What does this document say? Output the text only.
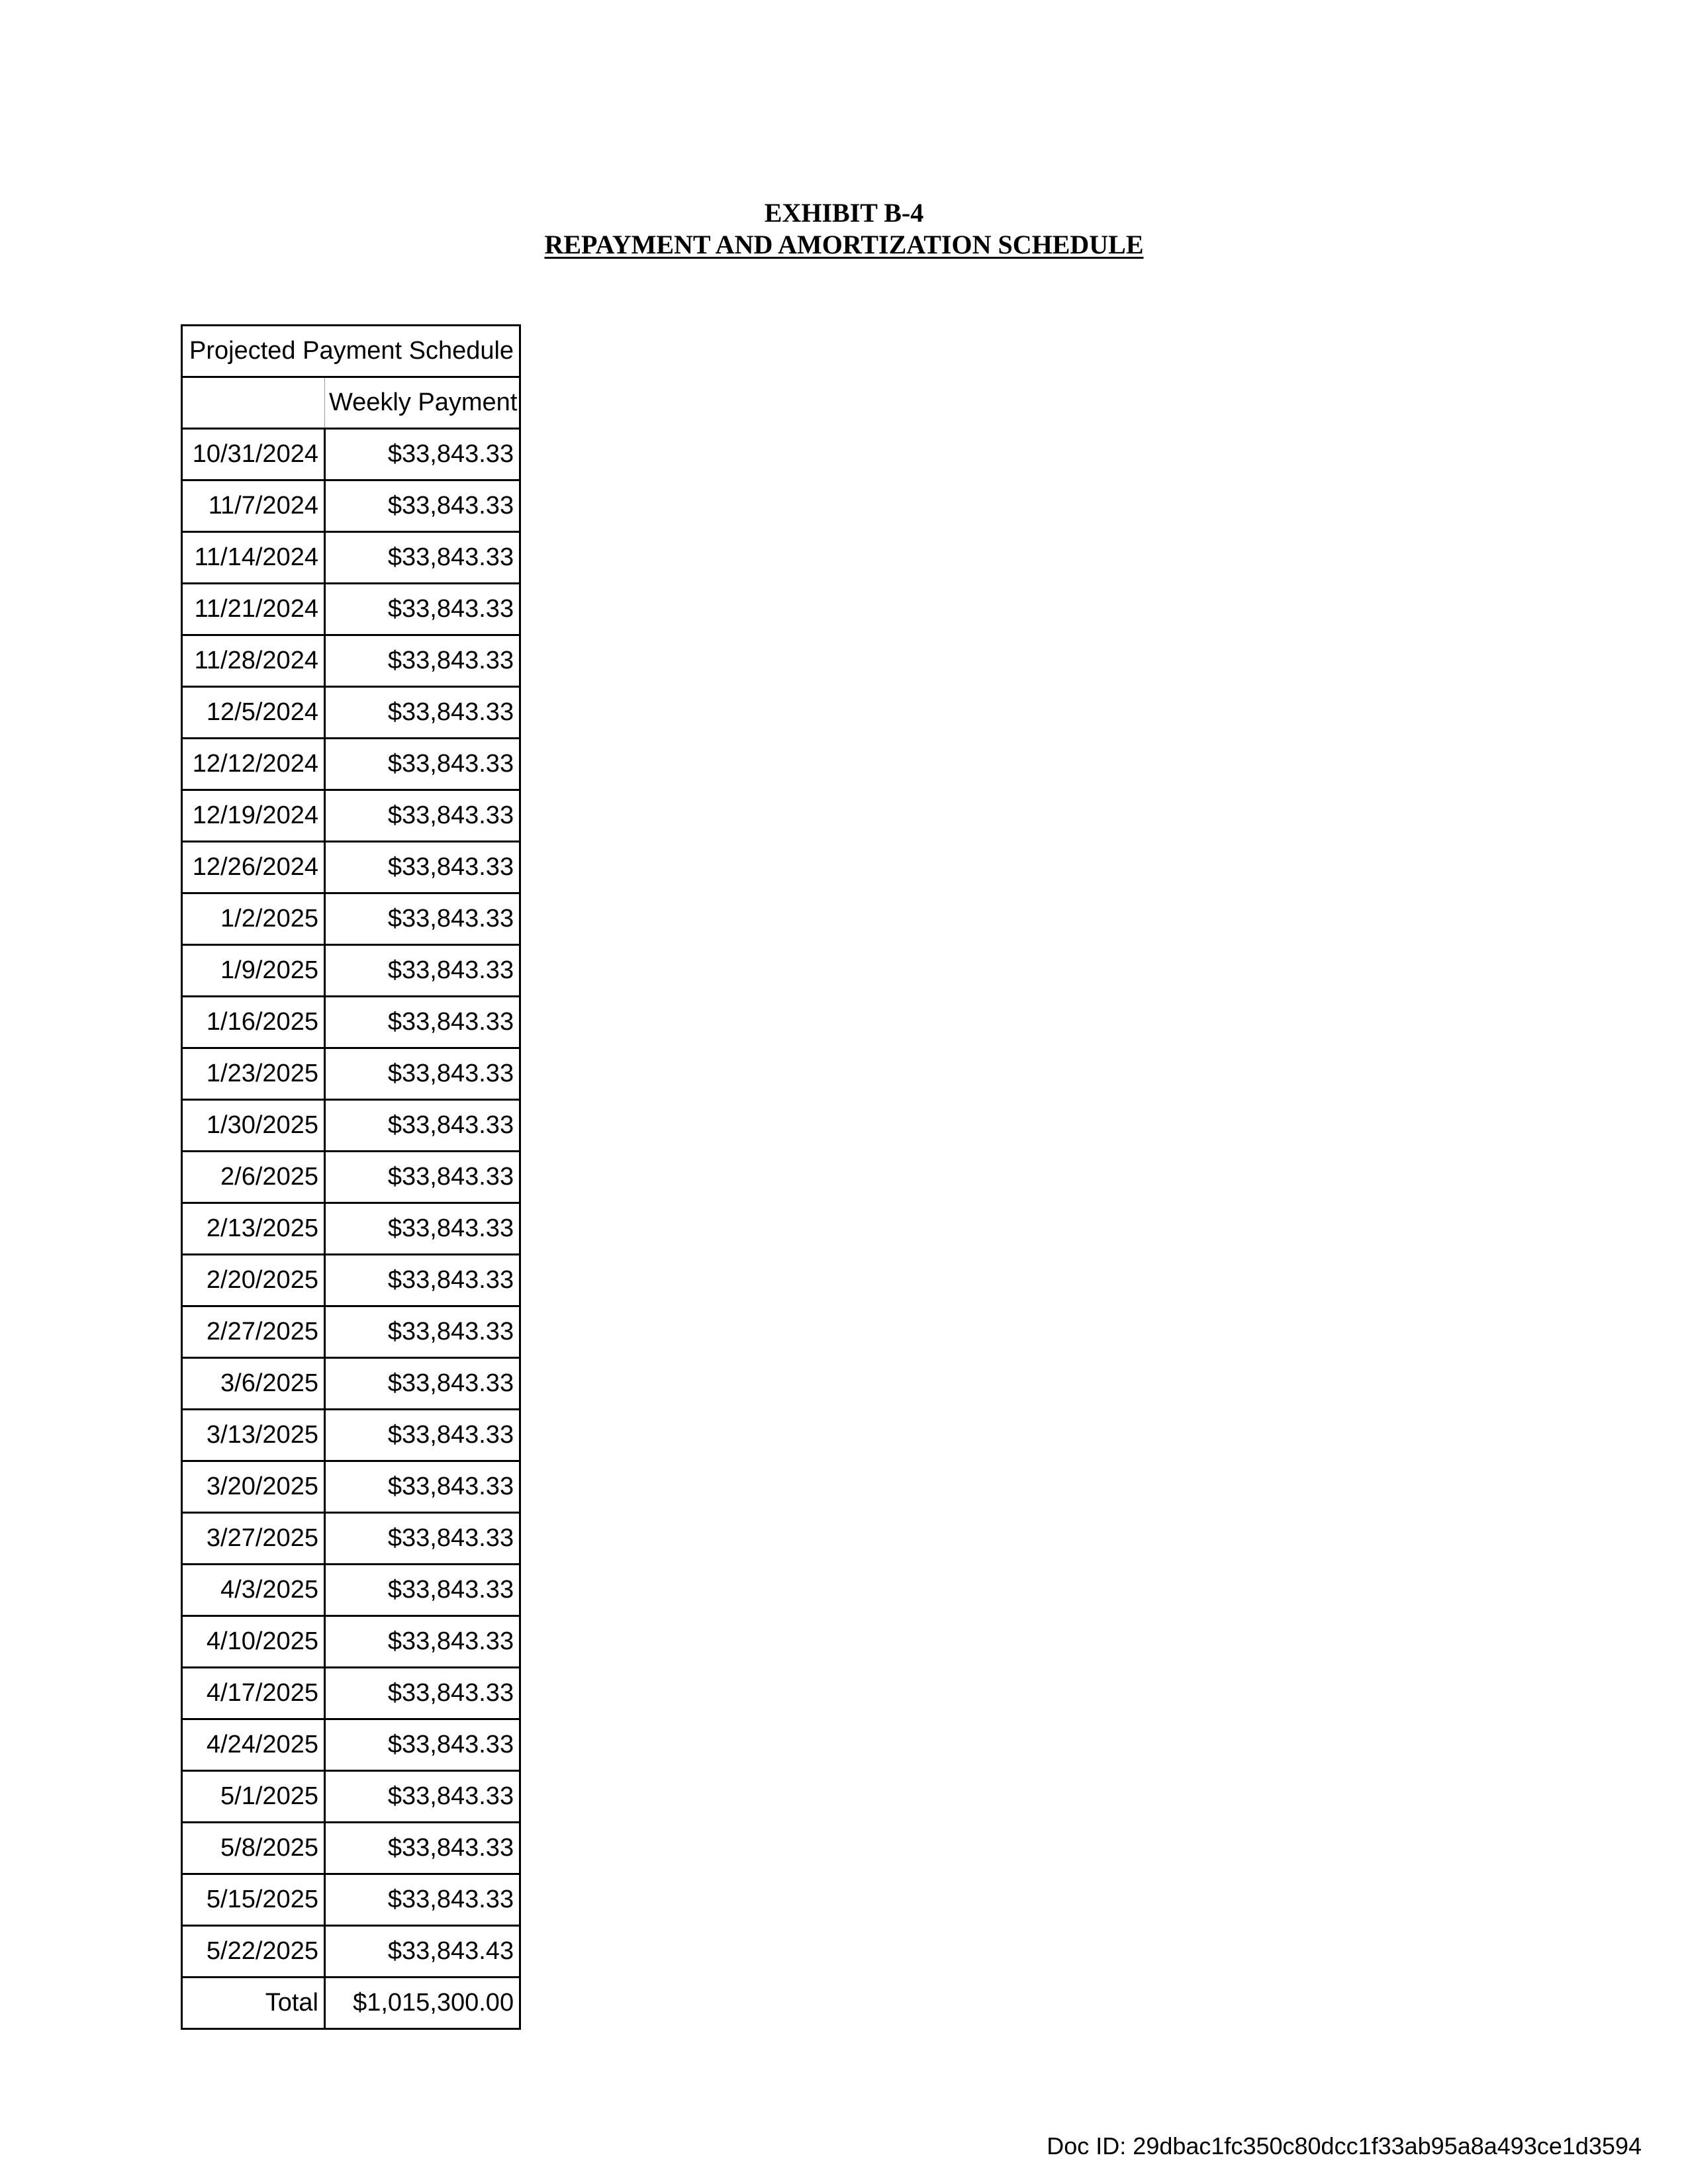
EXHIBIT B-4
REPAYMENT AND AMORTIZATION SCHEDULE
Projected Payment Schedule	
	Weekly Payment
10/31/2024	$33,843.33
11/7/2024	$33,843.33
11/14/2024	$33,843.33
11/21/2024	$33,843.33
11/28/2024	$33,843.33
12/5/2024	$33,843.33
12/12/2024	$33,843.33
12/19/2024	$33,843.33
12/26/2024	$33,843.33
1/2/2025	$33,843.33
1/9/2025	$33,843.33
1/16/2025	$33,843.33
1/23/2025	$33,843.33
1/30/2025	$33,843.33
2/6/2025	$33,843.33
2/13/2025	$33,843.33
2/20/2025	$33,843.33
2/27/2025	$33,843.33
3/6/2025	$33,843.33
3/13/2025	$33,843.33
3/20/2025	$33,843.33
3/27/2025	$33,843.33
4/3/2025	$33,843.33
4/10/2025	$33,843.33
4/17/2025	$33,843.33
4/24/2025	$33,843.33
5/1/2025	$33,843.33
5/8/2025	$33,843.33
5/15/2025	$33,843.33
5/22/2025	$33,843.43
Total	$1,015,300.00
Doc ID: 29dbac1fc350c80dcc1f33ab95a8a493ce1d3594
